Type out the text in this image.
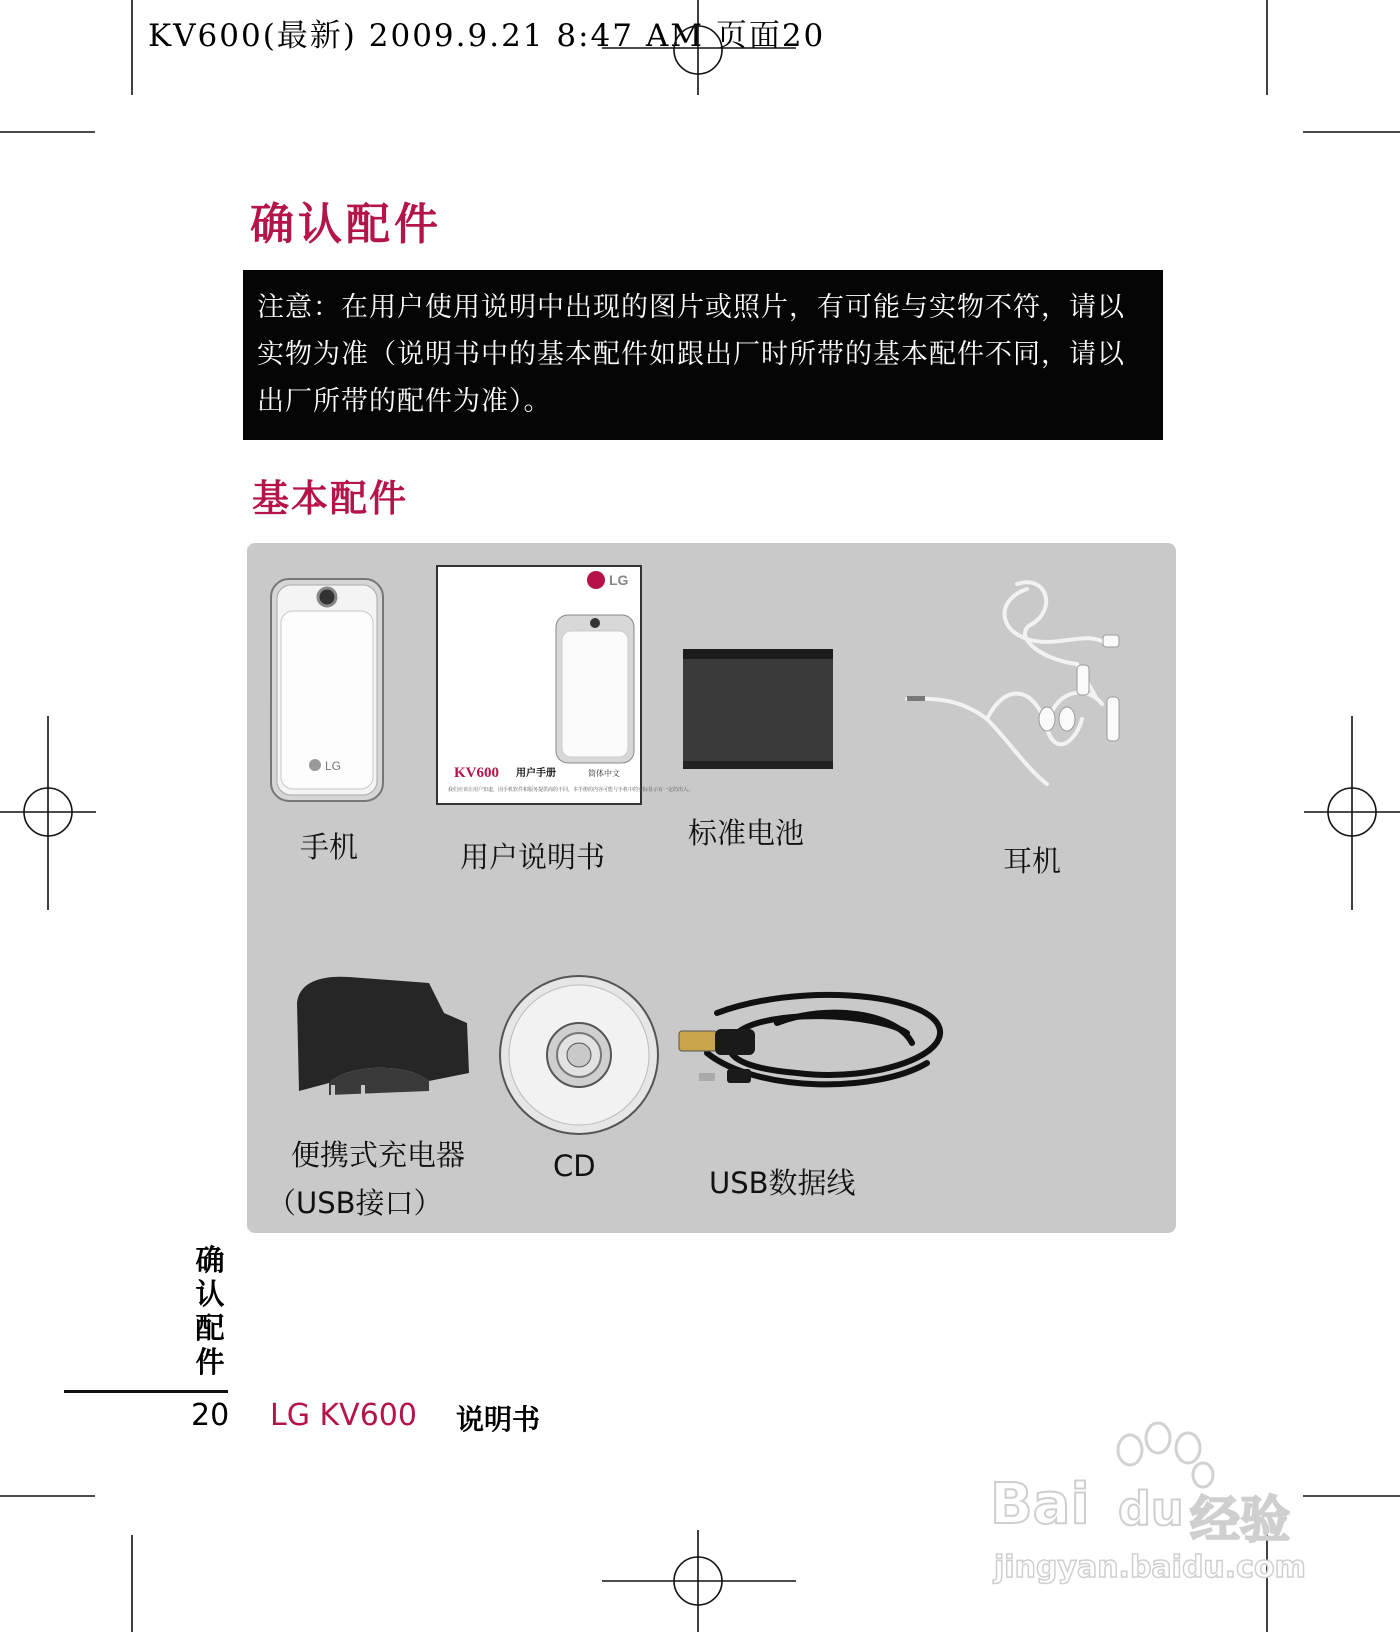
KV600(最新) 2009.9.21 8:47 AM 页面20
确认配件

注意：在用户使用说明中出现的图片或照片，有可能与实物不符，请以

实物为准（说明书中的基本配件如跟出厂时所带的基本配件不同，请以

出厂所带的配件为准）。

基本配件
LG
手机
LG
KV600 用户手册	简体中文
我们应该让用户知道，因手机软件和服务提供商的不同，本手册的内容可能与手机中的实际显示有一定的出入。
用户说明书
标准电池
耳机
便携式充电器
（USB接口）
CD	USB数据线
确
认
配
件
20 LG KV600 说明书
Bai du 经验
jingyan.baidu.com
